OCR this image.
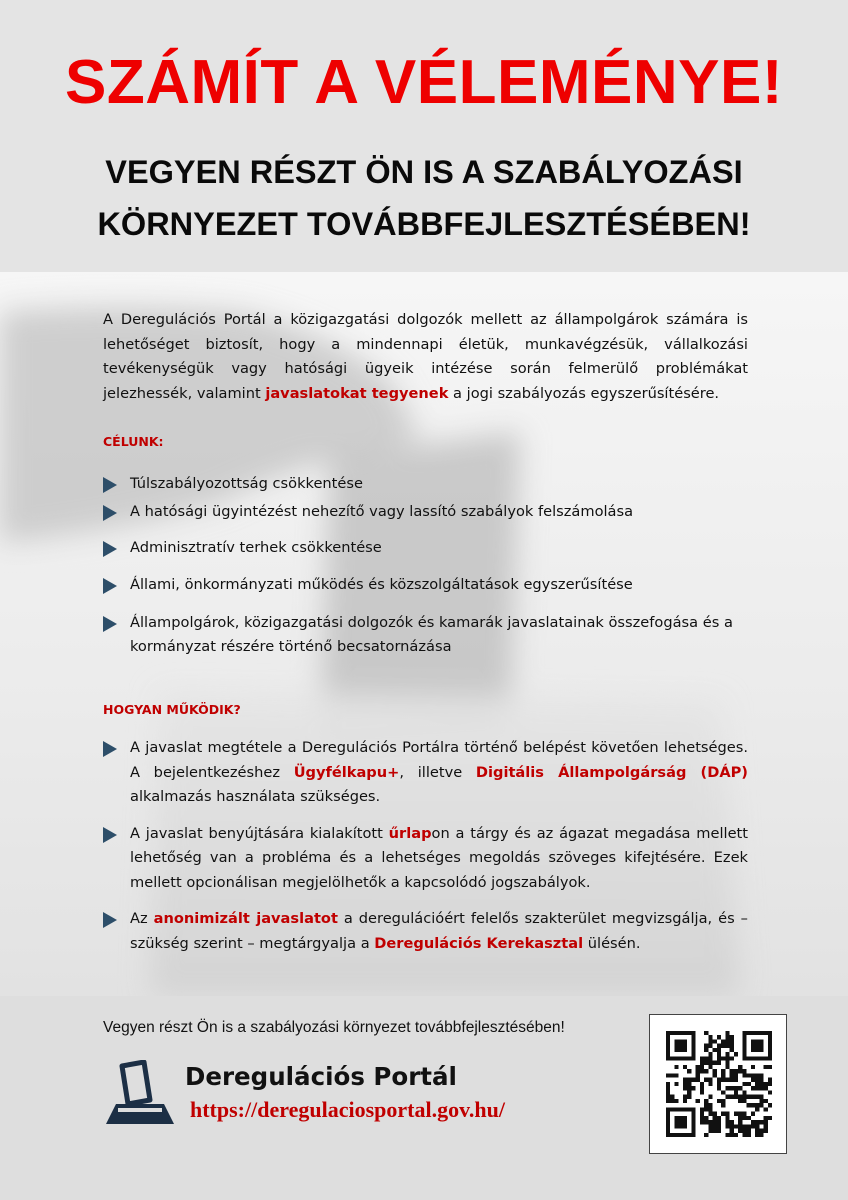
SZÁMÍT A VÉLEMÉNYE!
VEGYEN RÉSZT ÖN IS A SZABÁLYOZÁSI
KÖRNYEZET TOVÁBBFEJLESZTÉSÉBEN!

A Deregulációs Portál a közigazgatási dolgozók mellett az állampolgárok számára is lehetőséget biztosít, hogy a mindennapi életük, munkavégzésük, vállalkozási tevékenységük vagy hatósági ügyeik intézése során felmerülő problémákat jelezhessék, valamint javaslatokat tegyenek a jogi szabályozás egyszerűsítésére.

CÉLUNK:

Túlszabályozottság csökkentése
A hatósági ügyintézést nehezítő vagy lassító szabályok felszámolása
Adminisztratív terhek csökkentése
Állami, önkormányzati működés és közszolgáltatások egyszerűsítése
Állampolgárok, közigazgatási dolgozók és kamarák javaslatainak összefogása és a kormányzat részére történő becsatornázása

HOGYAN MŰKÖDIK?

A javaslat megtétele a Deregulációs Portálra történő belépést követően lehetséges. A bejelentkezéshez Ügyfélkapu+, illetve Digitális Állampolgárság (DÁP) alkalmazás használata szükséges.
A javaslat benyújtására kialakított űrlapon a tárgy és az ágazat megadása mellett lehetőség van a probléma és a lehetséges megoldás szöveges kifejtésére. Ezek mellett opcionálisan megjelölhetők a kapcsolódó jogszabályok.
Az anonimizált javaslatot a deregulációért felelős szakterület megvizsgálja, és – szükség szerint – megtárgyalja a Deregulációs Kerekasztal ülésén.
Vegyen részt Ön is a szabályozási környezet továbbfejlesztésében!
Deregulációs Portál
https://deregulaciosportal.gov.hu/
